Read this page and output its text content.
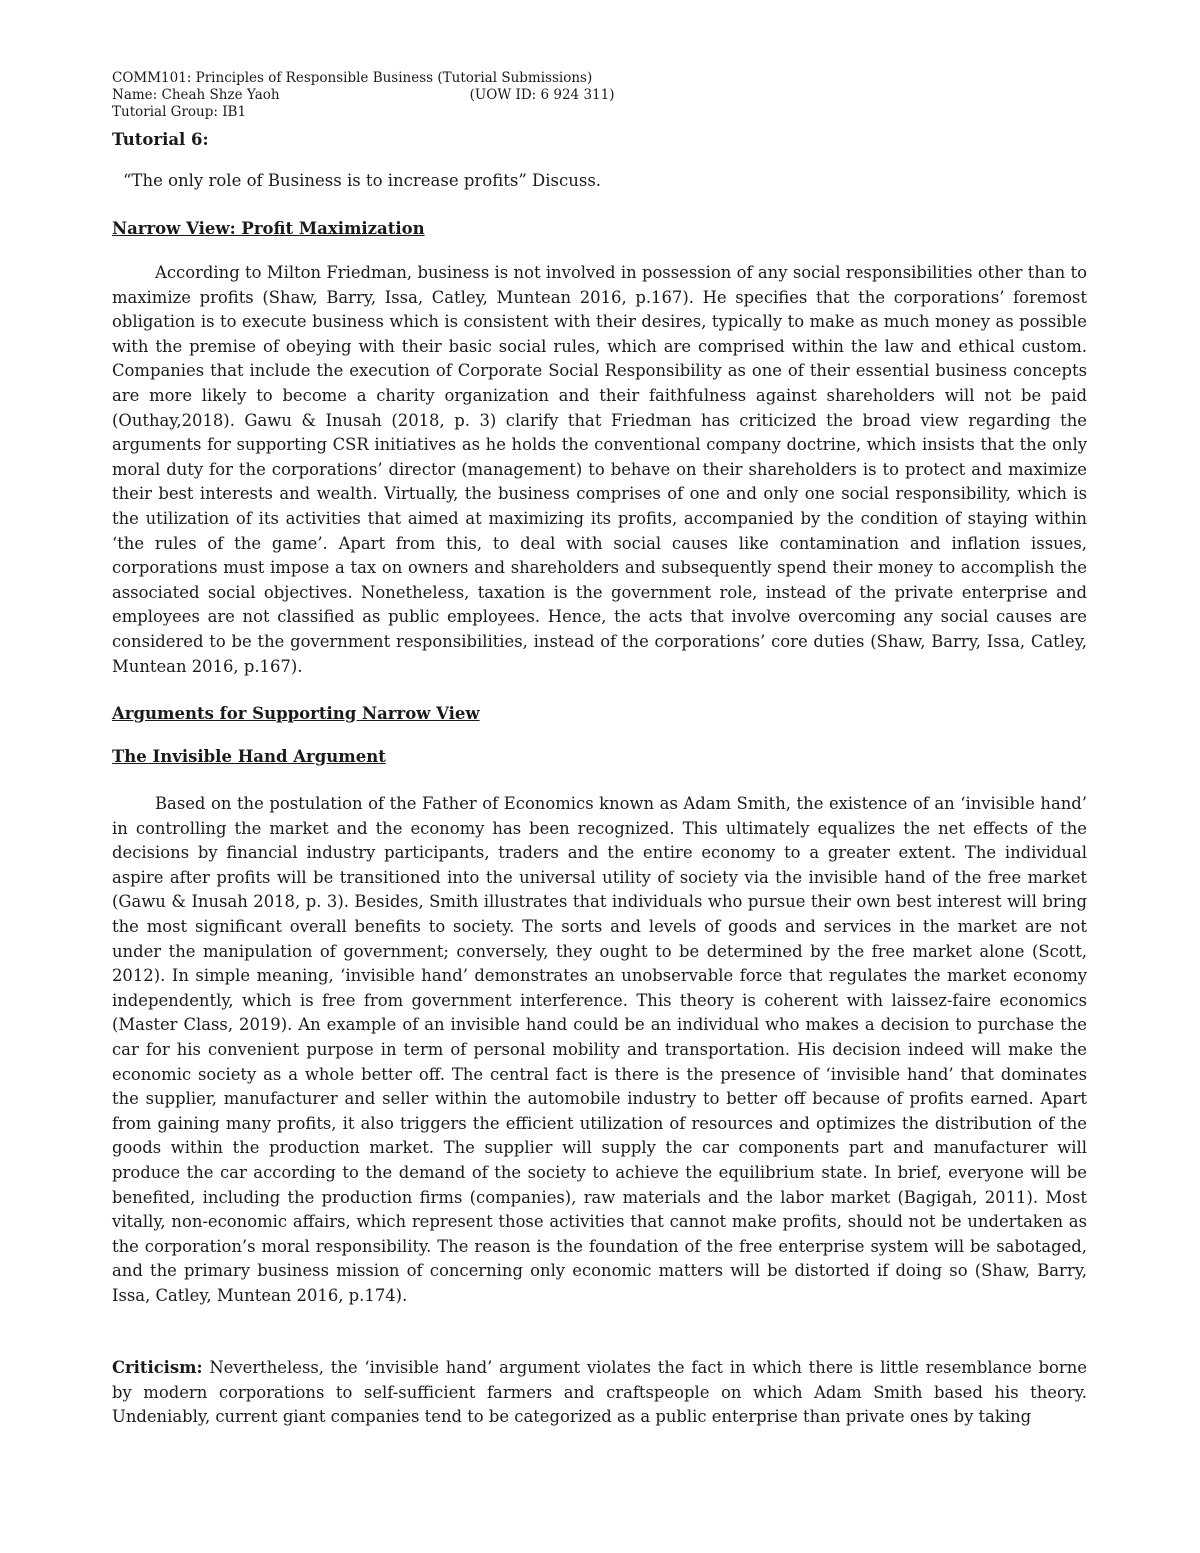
COMM101: Principles of Responsible Business (Tutorial Submissions)
Name: Cheah Shze Yaoh	(UOW ID: 6 924 311)
Tutorial Group: IB1
Tutorial 6:
“The only role of Business is to increase profits” Discuss.
Narrow View: Profit Maximization

According to Milton Friedman, business is not involved in possession of any social responsibilities other than to maximize profits (Shaw, Barry, Issa, Catley, Muntean 2016, p.167). He specifies that the corporations’ foremost obligation is to execute business which is consistent with their desires, typically to make as much money as possible with the premise of obeying with their basic social rules, which are comprised within the law and ethical custom. Companies that include the execution of Corporate Social Responsibility as one of their essential business concepts are more likely to become a charity organization and their faithfulness against shareholders will not be paid (Outhay,2018). Gawu & Inusah (2018, p. 3) clarify that Friedman has criticized the broad view regarding the arguments for supporting CSR initiatives as he holds the conventional company doctrine, which insists that the only moral duty for the corporations’ director (management) to behave on their shareholders is to protect and maximize their best interests and wealth. Virtually, the business comprises of one and only one social responsibility, which is the utilization of its activities that aimed at maximizing its profits, accompanied by the condition of staying within ‘the rules of the game’. Apart from this, to deal with social causes like contamination and inflation issues, corporations must impose a tax on owners and shareholders and subsequently spend their money to accomplish the associated social objectives. Nonetheless, taxation is the government role, instead of the private enterprise and employees are not classified as public employees. Hence, the acts that involve overcoming any social causes are considered to be the government responsibilities, instead of the corporations’ core duties (Shaw, Barry, Issa, Catley, Muntean 2016, p.167).

Arguments for Supporting Narrow View
The Invisible Hand Argument

Based on the postulation of the Father of Economics known as Adam Smith, the existence of an ‘invisible hand’ in controlling the market and the economy has been recognized. This ultimately equalizes the net effects of the decisions by financial industry participants, traders and the entire economy to a greater extent. The individual aspire after profits will be transitioned into the universal utility of society via the invisible hand of the free market (Gawu & Inusah 2018, p. 3). Besides, Smith illustrates that individuals who pursue their own best interest will bring the most significant overall benefits to society. The sorts and levels of goods and services in the market are not under the manipulation of government; conversely, they ought to be determined by the free market alone (Scott, 2012). In simple meaning, ‘invisible hand’ demonstrates an unobservable force that regulates the market economy independently, which is free from government interference. This theory is coherent with laissez-faire economics (Master Class, 2019). An example of an invisible hand could be an individual who makes a decision to purchase the car for his convenient purpose in term of personal mobility and transportation. His decision indeed will make the economic society as a whole better off. The central fact is there is the presence of ‘invisible hand’ that dominates the supplier, manufacturer and seller within the automobile industry to better off because of profits earned. Apart from gaining many profits, it also triggers the efficient utilization of resources and optimizes the distribution of the goods within the production market. The supplier will supply the car components part and manufacturer will produce the car according to the demand of the society to achieve the equilibrium state. In brief, everyone will be benefited, including the production firms (companies), raw materials and the labor market (Bagigah, 2011). Most vitally, non-economic affairs, which represent those activities that cannot make profits, should not be undertaken as the corporation’s moral responsibility. The reason is the foundation of the free enterprise system will be sabotaged, and the primary business mission of concerning only economic matters will be distorted if doing so (Shaw, Barry, Issa, Catley, Muntean 2016, p.174).

Criticism: Nevertheless, the ‘invisible hand’ argument violates the fact in which there is little resemblance borne by modern corporations to self-sufficient farmers and craftspeople on which Adam Smith based his theory. Undeniably, current giant companies tend to be categorized as a public enterprise than private ones by taking
